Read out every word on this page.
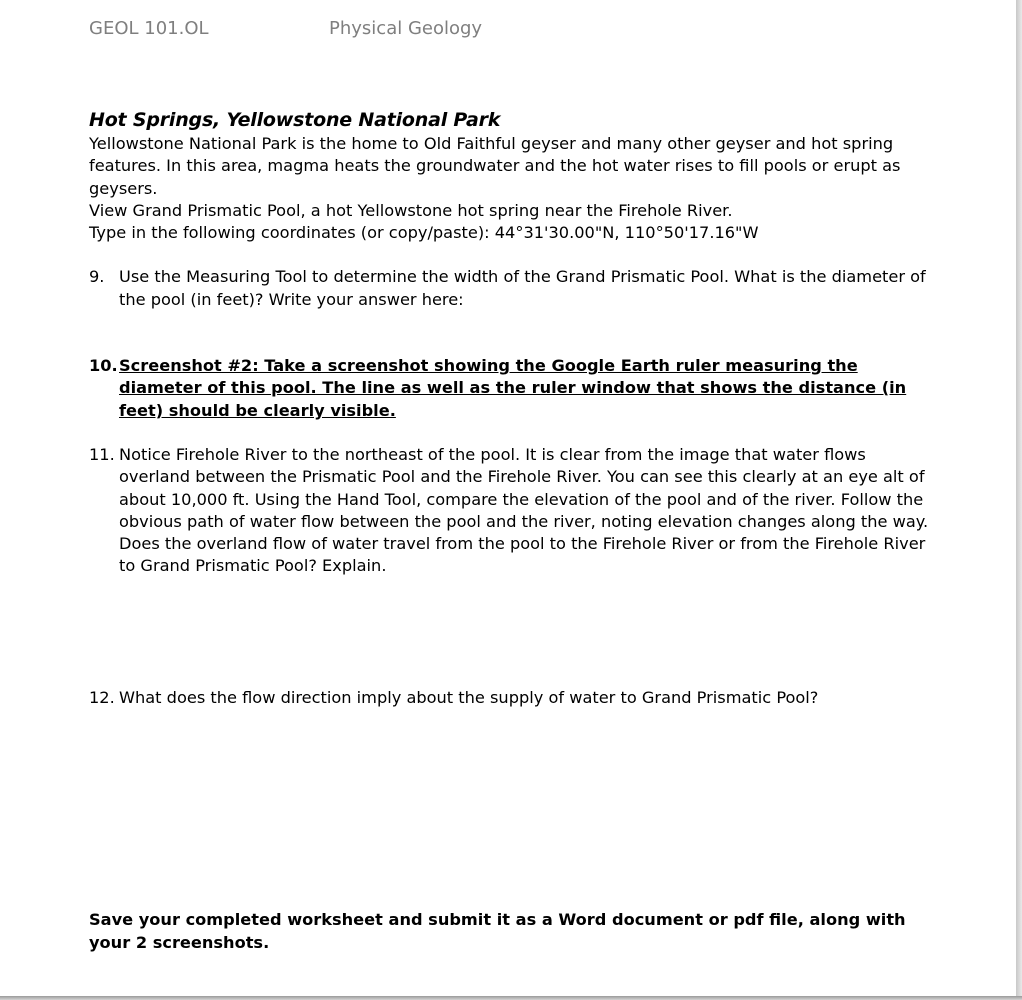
GEOL 101.OL	Physical Geology
Hot Springs, Yellowstone National Park

Yellowstone National Park is the home to Old Faithful geyser and many other geyser and hot spring features. In this area, magma heats the groundwater and the hot water rises to fill pools or erupt as geysers.

View Grand Prismatic Pool, a hot Yellowstone hot spring near the Firehole River.

Type in the following coordinates (or copy/paste): 44°31'30.00"N, 110°50'17.16"W

9. Use the Measuring Tool to determine the width of the Grand Prismatic Pool. What is the diameter of the pool (in feet)? Write your answer here:
10. Screenshot #2: Take a screenshot showing the Google Earth ruler measuring the diameter of this pool. The line as well as the ruler window that shows the distance (in feet) should be clearly visible.
11. Notice Firehole River to the northeast of the pool. It is clear from the image that water flows overland between the Prismatic Pool and the Firehole River. You can see this clearly at an eye alt of about 10,000 ft. Using the Hand Tool, compare the elevation of the pool and of the river. Follow the obvious path of water flow between the pool and the river, noting elevation changes along the way. Does the overland flow of water travel from the pool to the Firehole River or from the Firehole River to Grand Prismatic Pool? Explain.
12. What does the flow direction imply about the supply of water to Grand Prismatic Pool?
Save your completed worksheet and submit it as a Word document or pdf file, along with your 2 screenshots.
